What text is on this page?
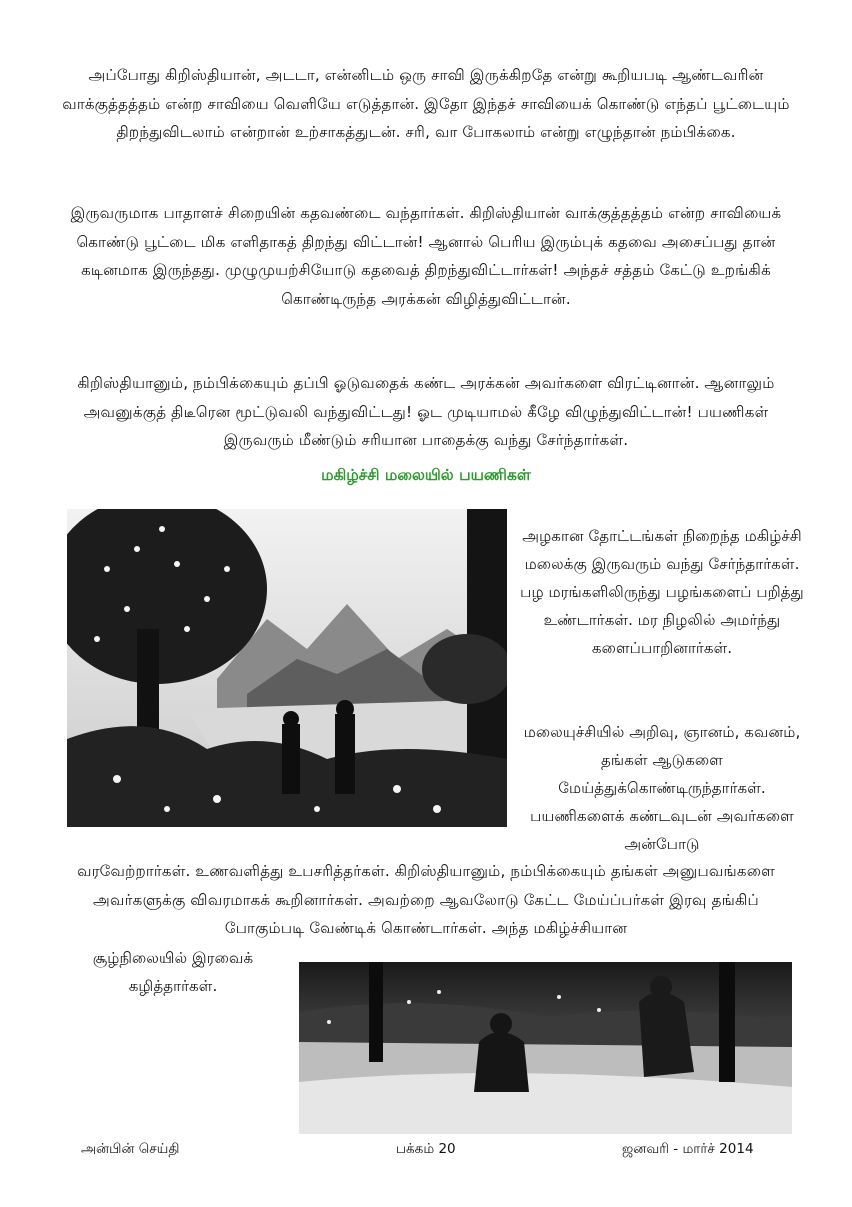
அப்போது கிறிஸ்தியான், அடடா, என்னிடம் ஒரு சாவி இருக்கிறதே என்று கூறியபடி ஆண்டவரின் வாக்குத்தத்தம் என்ற சாவியை வெளியே எடுத்தான். இதோ இந்தச் சாவியைக் கொண்டு எந்தப் பூட்டையும் திறந்துவிடலாம் என்றான் உற்சாகத்துடன். சரி, வா போகலாம் என்று எழுந்தான் நம்பிக்கை.

இருவருமாக பாதாளச் சிறையின் கதவண்டை வந்தார்கள். கிறிஸ்தியான் வாக்குத்தத்தம் என்ற சாவியைக் கொண்டு பூட்டை மிக எளிதாகத் திறந்து விட்டான்! ஆனால் பெரிய இரும்புக் கதவை அசைப்பது தான் கடினமாக இருந்தது. முழுமுயற்சியோடு கதவைத் திறந்துவிட்டார்கள்! அந்தச் சத்தம் கேட்டு உறங்கிக் கொண்டிருந்த அரக்கன் விழித்துவிட்டான்.

கிறிஸ்தியானும், நம்பிக்கையும் தப்பி ஓடுவதைக் கண்ட அரக்கன் அவர்களை விரட்டினான். ஆனாலும் அவனுக்குத் திடீரென மூட்டுவலி வந்துவிட்டது! ஓட முடியாமல் கீழே விழுந்துவிட்டான்! பயணிகள் இருவரும் மீண்டும் சரியான பாதைக்கு வந்து சேர்ந்தார்கள்.

மகிழ்ச்சி மலையில் பயணிகள்

அழகான தோட்டங்கள் நிறைந்த மகிழ்ச்சி மலைக்கு இருவரும் வந்து சேர்ந்தார்கள். பழ மரங்களிலிருந்து பழங்களைப் பறித்து உண்டார்கள். மர நிழலில் அமர்ந்து களைப்பாறினார்கள்.

மலையுச்சியில் அறிவு, ஞானம், கவனம், தங்கள் ஆடுகளை மேய்த்துக்கொண்டிருந்தார்கள். பயணிகளைக் கண்டவுடன் அவர்களை அன்போடு

வரவேற்றார்கள். உணவளித்து உபசரித்தர்கள். கிறிஸ்தியானும், நம்பிக்கையும் தங்கள் அனுபவங்களை அவர்களுக்கு விவரமாகக் கூறினார்கள். அவற்றை ஆவலோடு கேட்ட மேய்ப்பர்கள் இரவு தங்கிப் போகும்படி வேண்டிக் கொண்டார்கள். அந்த மகிழ்ச்சியான

சூழ்நிலையில் இரவைக் கழித்தார்கள்.

அன்பின் செய்தி	பக்கம் 20	ஜனவரி - மார்ச் 2014
